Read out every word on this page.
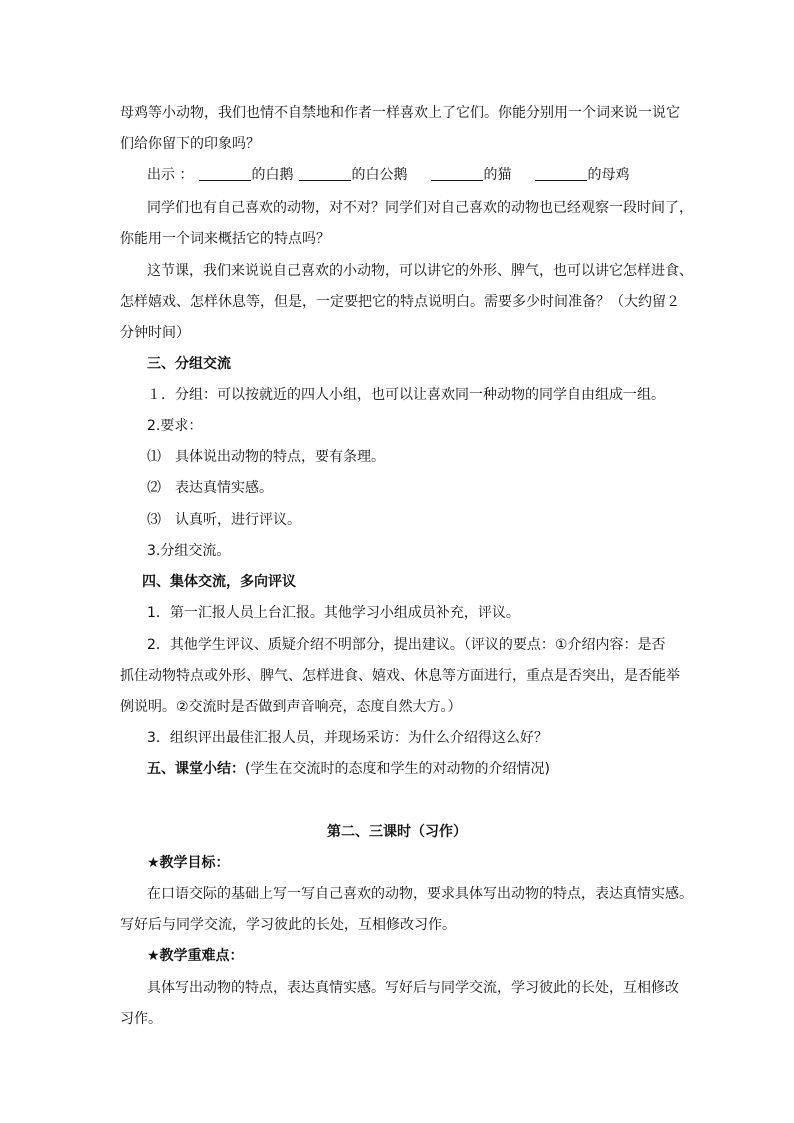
母鸡等小动物，我们也情不自禁地和作者一样喜欢上了它们。你能分别用一个词来说一说它
们给你留下的印象吗？
出示 ：	的白鹅	的白公鹅	的猫	的母鸡
同学们也有自己喜欢的动物，对不对？同学们对自己喜欢的动物也已经观察一段时间了，
你能用一个词来概括它的特点吗？
这节课，我们来说说自己喜欢的小动物，可以讲它的外形、脾气，也可以讲它怎样进食、
怎样嬉戏、怎样休息等，但是，一定要把它的特点说明白。需要多少时间准备？（大约留２
分钟时间）
三、分组交流
１．分组：可以按就近的四人小组，也可以让喜欢同一种动物的同学自由组成一组。
2.要求：
⑴ 具体说出动物的特点，要有条理。
⑵ 表达真情实感。
⑶ 认真听，进行评议。
3.分组交流。
四、集体交流，多向评议
1．第一汇报人员上台汇报。其他学习小组成员补充，评议。
2．其他学生评议、质疑介绍不明部分，提出建议。（评议的要点：①介绍内容：是否
抓住动物特点或外形、脾气、怎样进食、嬉戏、休息等方面进行，重点是否突出，是否能举
例说明。②交流时是否做到声音响亮，态度自然大方。）
3．组织评出最佳汇报人员，并现场采访：为什么介绍得这么好？
五、课堂小结：(学生在交流时的态度和学生的对动物的介绍情况)
第二、三课时（习作）
★教学目标：
在口语交际的基础上写一写自己喜欢的动物，要求具体写出动物的特点，表达真情实感。
写好后与同学交流，学习彼此的长处，互相修改习作。
★教学重难点：
具体写出动物的特点，表达真情实感。写好后与同学交流，学习彼此的长处，互相修改
习作。
